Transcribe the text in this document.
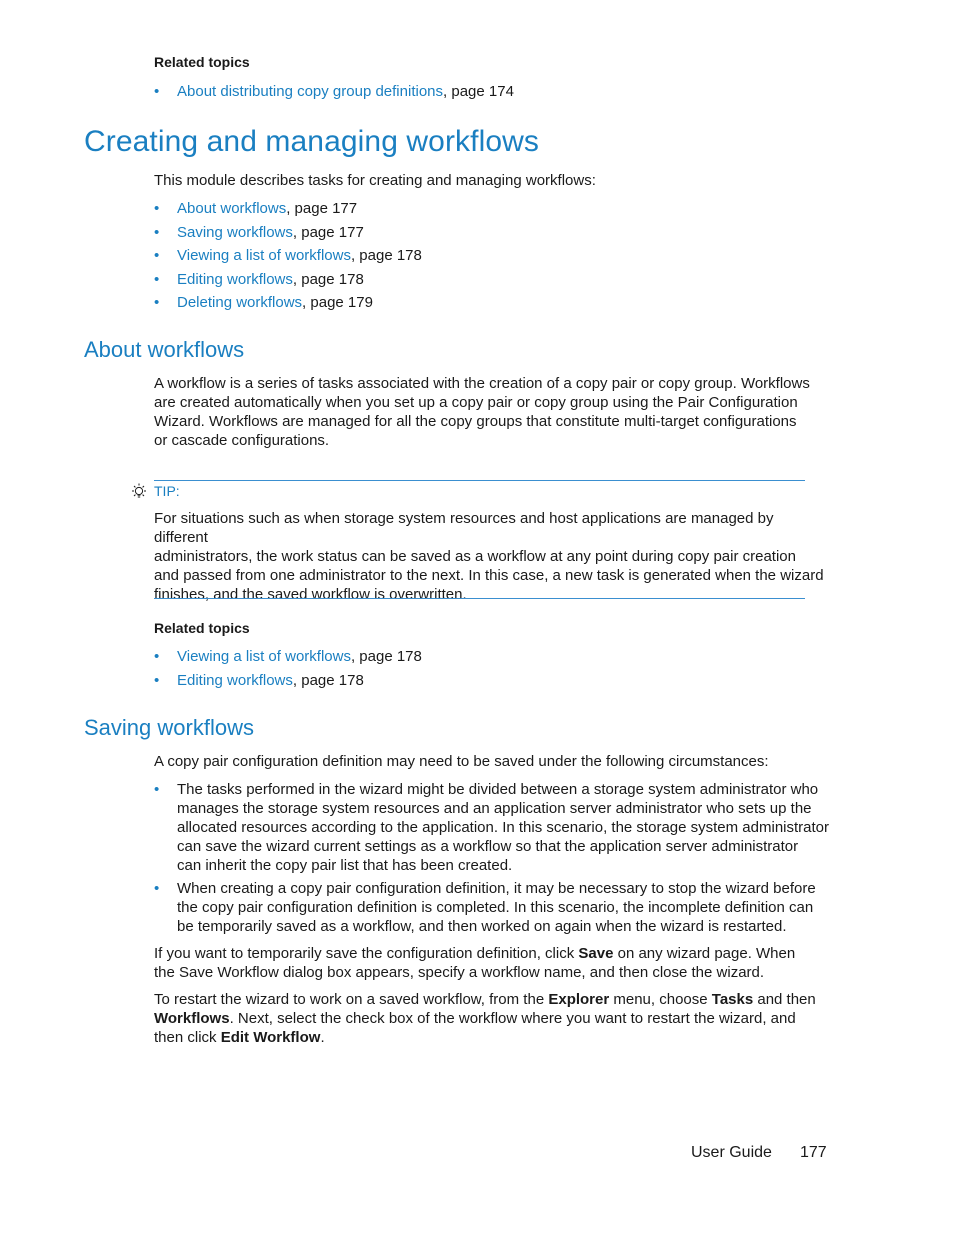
Related topics
• About distributing copy group definitions, page 174
Creating and managing workflows
This module describes tasks for creating and managing workflows:
• About workflows, page 177
• Saving workflows, page 177
• Viewing a list of workflows, page 178
• Editing workflows, page 178
• Deleting workflows, page 179
About workflows
A workflow is a series of tasks associated with the creation of a copy pair or copy group. Workflows
are created automatically when you set up a copy pair or copy group using the Pair Configuration
Wizard. Workflows are managed for all the copy groups that constitute multi-target configurations
or cascade configurations.
TIP:
For situations such as when storage system resources and host applications are managed by different
administrators, the work status can be saved as a workflow at any point during copy pair creation
and passed from one administrator to the next. In this case, a new task is generated when the wizard
finishes, and the saved workflow is overwritten.
Related topics
• Viewing a list of workflows, page 178
• Editing workflows, page 178
Saving workflows
A copy pair configuration definition may need to be saved under the following circumstances:
• The tasks performed in the wizard might be divided between a storage system administrator who
manages the storage system resources and an application server administrator who sets up the
allocated resources according to the application. In this scenario, the storage system administrator
can save the wizard current settings as a workflow so that the application server administrator
can inherit the copy pair list that has been created.
• When creating a copy pair configuration definition, it may be necessary to stop the wizard before
the copy pair configuration definition is completed. In this scenario, the incomplete definition can
be temporarily saved as a workflow, and then worked on again when the wizard is restarted.
If you want to temporarily save the configuration definition, click Save on any wizard page. When
the Save Workflow dialog box appears, specify a workflow name, and then close the wizard.
To restart the wizard to work on a saved workflow, from the Explorer menu, choose Tasks and then
Workflows. Next, select the check box of the workflow where you want to restart the wizard, and
then click Edit Workflow.
User Guide 177
